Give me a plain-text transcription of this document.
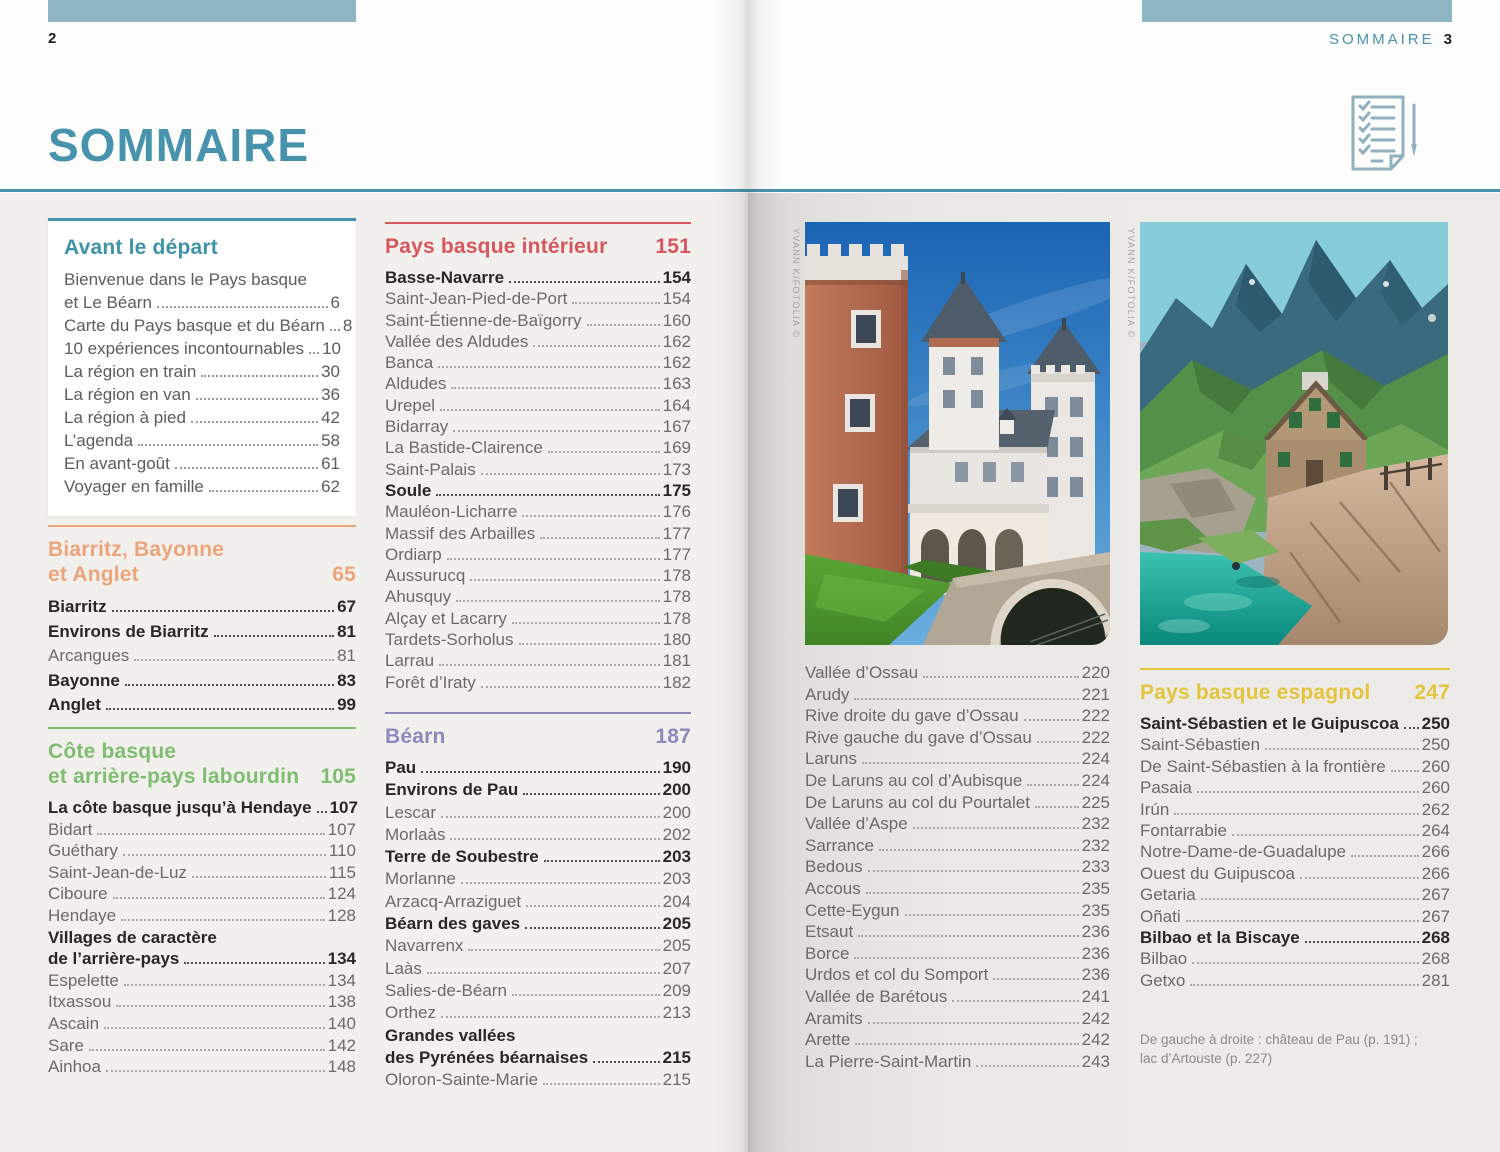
2
SOMMAIRE
Avant le départ
Bienvenue dans le Pays basque
et Le Béarn	6
Carte du Pays basque et du Béarn 8
10 expériences incontournables 10
La région en train	30
La région en van	36
La région à pied	42
L’agenda	58
En avant-goût	61
Voyager en famille	62
Biarritz, Bayonne
et Anglet	65
Biarritz	67
Environs de Biarritz	81
Arcangues	81
Bayonne	83
Anglet	99
Côte basque
et arrière-pays labourdin 105
La côte basque jusqu’à Hendaye 107
Bidart	107
Guéthary	110
Saint-Jean-de-Luz	115
Ciboure	124
Hendaye	128
Villages de caractère
de l’arrière-pays	134
Espelette	134
Itxassou	138
Ascain	140
Sare	142
Ainhoa	148
Pays basque intérieur 151
Basse-Navarre	154
Saint-Jean-Pied-de-Port	154
Saint-Étienne-de-Baïgorry	160
Vallée des Aldudes	162
Banca	162
Aldudes	163
Urepel	164
Bidarray	167
La Bastide-Clairence	169
Saint-Palais	173
Soule	175
Mauléon-Licharre	176
Massif des Arbailles	177
Ordiarp	177
Aussurucq	178
Ahusquy	178
Alçay et Lacarry	178
Tardets-Sorholus	180
Larrau	181
Forêt d’Iraty	182
Béarn	187
Pau	190
Environs de Pau	200
Lescar	200
Morlaàs	202
Terre de Soubestre	203
Morlanne	203
Arzacq-Arraziguet	204
Béarn des gaves	205
Navarrenx	205
Laàs	207
Salies-de-Béarn	209
Orthez	213
Grandes vallées
des Pyrénées béarnaises	215
Oloron-Sainte-Marie	215
SOMMAIRE 3
YVANN K/FOTOLIA ©	YVANN K/FOTOLIA ©
Vallée d’Ossau	220
Arudy	221
Rive droite du gave d’Ossau	222
Rive gauche du gave d’Ossau	222
Laruns	224
De Laruns au col d’Aubisque	224
De Laruns au col du Pourtalet	225
Vallée d’Aspe	232
Sarrance	232
Bedous	233
Accous	235
Cette-Eygun	235
Etsaut	236
Borce	236
Urdos et col du Somport	236
Vallée de Barétous	241
Aramits	242
Arette	242
La Pierre-Saint-Martin	243
Pays basque espagnol 247
Saint-Sébastien et le Guipuscoa 250
Saint-Sébastien	250
De Saint-Sébastien à la frontière 260
Pasaia	260
Irún	262
Fontarrabie	264
Notre-Dame-de-Guadalupe	266
Ouest du Guipuscoa	266
Getaria	267
Oñati	267
Bilbao et la Biscaye	268
Bilbao	268
Getxo	281
De gauche à droite : château de Pau (p. 191) ;
lac d’Artouste (p. 227)
